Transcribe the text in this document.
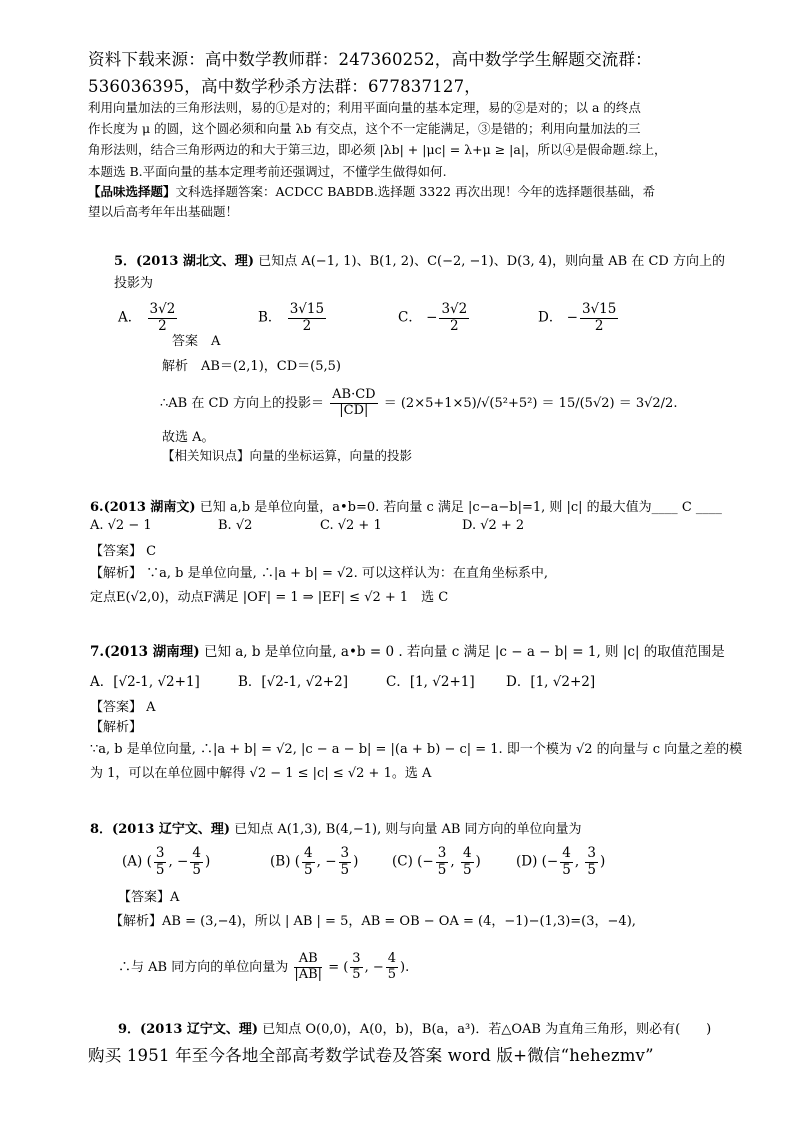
资料下载来源：高中数学教师群：247360252，高中数学学生解题交流群：
536036395，高中数学秒杀方法群：677837127，
利用向量加法的三角形法则，易的①是对的；利用平面向量的基本定理，易的②是对的；以 a 的终点
作长度为 μ 的圆，这个圆必须和向量 λb 有交点，这个不一定能满足，③是错的；利用向量加法的三
角形法则，结合三角形两边的和大于第三边，即必须 |λb| + |μc| = λ+μ ≥ |a|，所以④是假命题.综上，
本题选 B.平面向量的基本定理考前还强调过，不懂学生做得如何.
【品味选择题】文科选择题答案：ACDCC BABDB.选择题 3322 再次出现！今年的选择题很基础，希
望以后高考年年出基础题！
5．(2013 湖北文、理) 已知点 A(−1, 1)、B(1, 2)、C(−2, −1)、D(3, 4)，则向量 AB 在 CD 方向上的
投影为
A． $\frac{3√2}{2}$	B． $\frac{3√15}{2}$	C． − $\frac{3√2}{2}$	D． − $\frac{3√15}{2}$
答案　A
解析　AB＝(2,1)，CD＝(5,5)
∴AB 在 CD 方向上的投影＝ $\frac{AB\cdot CD}{|CD|} = (2\times 5+1\times 5)/√(5^2+5^2) = 15/(5√2) = 3√2/2$.
故选 A。
【相关知识点】向量的坐标运算，向量的投影
6.(2013 湖南文) 已知 a,b 是单位向量，a•b=0. 若向量 c 满足 |c−a−b|=1, 则 |c| 的最大值为____ C ____
A. √2 − 1	B. √2	C. √2 + 1	D. √2 + 2
【答案】 C
【解析】 ∵a, b 是单位向量, ∴|a + b| = √2. 可以这样认为：在直角坐标系中,
定点E(√2,0)，动点F满足 |OF| = 1 ⇒ |EF| ≤ √2 + 1　选 C
7.(2013 湖南理) 已知 a, b 是单位向量, a•b = 0 . 若向量 c 满足 |c − a − b| = 1, 则 |c| 的取值范围是
A．[√2-1, √2+1]	B．[√2-1, √2+2]	C．[1, √2+1] D．[1, √2+2]
【答案】 A
【解析】
∵a, b 是单位向量, ∴|a + b| = √2, |c − a − b| = |(a + b) − c| = 1. 即一个模为 √2 的向量与 c 向量之差的模
为 1，可以在单位圆中解得 √2 − 1 ≤ |c| ≤ √2 + 1。选 A
8．(2013 辽宁文、理) 已知点 A(1,3), B(4,−1), 则与向量 AB 同方向的单位向量为
(A) ( $\frac{3}{5}$ , − $\frac{4}{5}$ )	(B) ( $\frac{4}{5}$ , − $\frac{3}{5}$ ) (C) (− $\frac{3}{5}$ , $\frac{4}{5}$ )	(D) (− $\frac{4}{5}$ , $\frac{3}{5}$ )
【答案】A
【解析】AB = (3,−4)，所以 | AB | = 5，AB = OB − OA = (4，−1)−(1,3)=(3，−4),
∴与 AB 同方向的单位向量为 $\frac{AB}{|AB|}$ = ( $\frac{3}{5}$ , − $\frac{4}{5}$ ).
9．(2013 辽宁文、理) 已知点 O(0,0)，A(0，b)，B(a，a³)．若△OAB 为直角三角形，则必有(　　)
购买 1951 年至今各地全部高考数学试卷及答案 word 版+微信“hehezmv”
